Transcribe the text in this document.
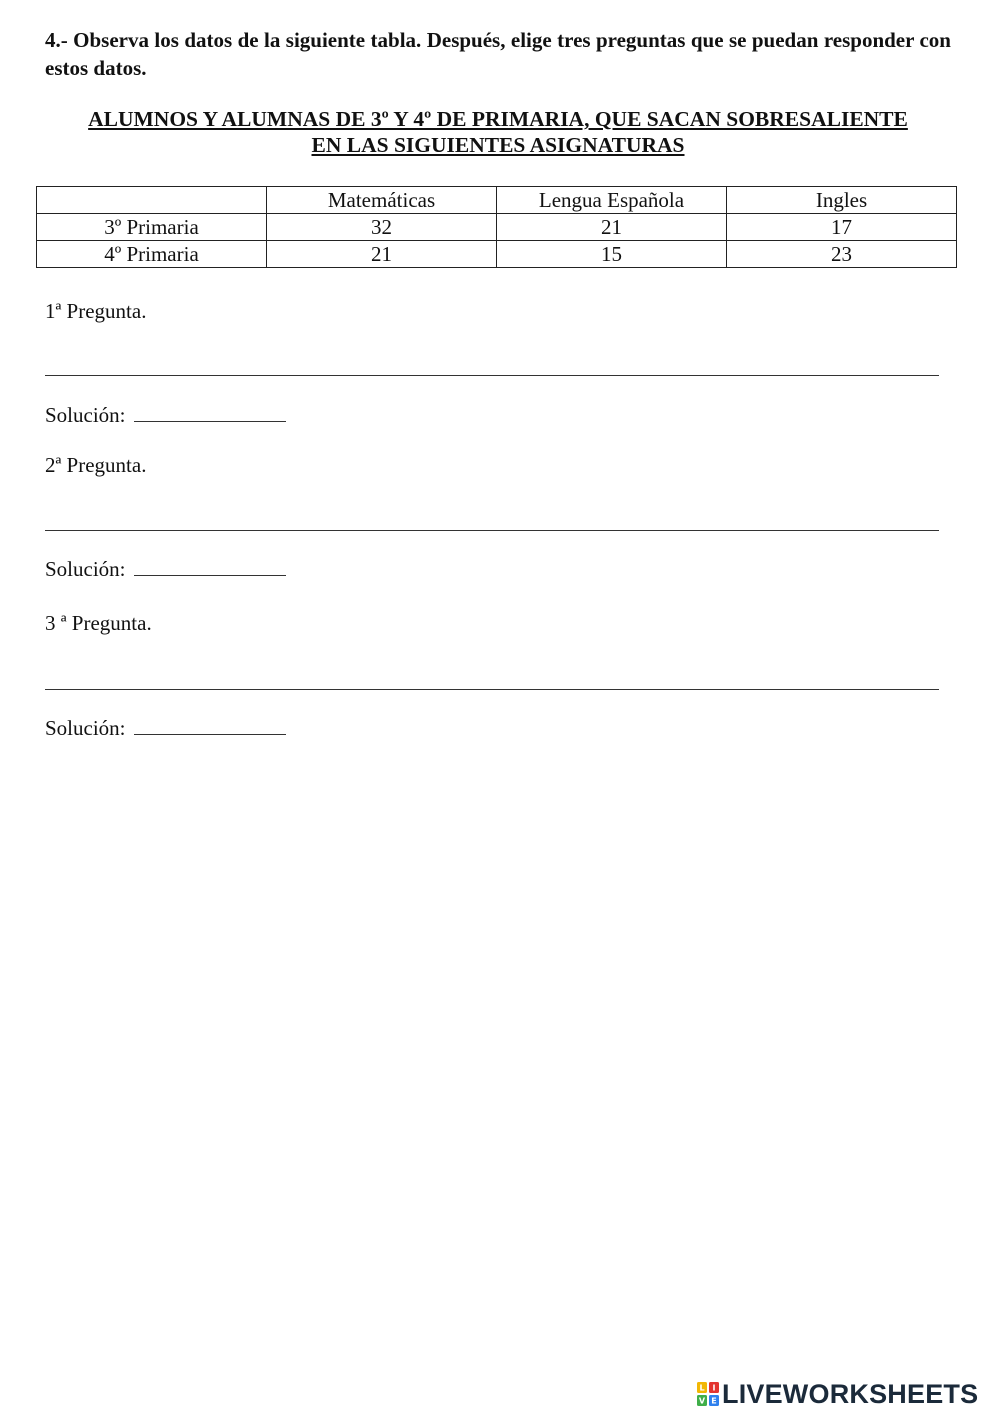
4.- Observa los datos de la siguiente tabla. Después, elige tres preguntas que se puedan responder con estos datos.
ALUMNOS Y ALUMNAS DE 3º Y 4º DE PRIMARIA, QUE SACAN SOBRESALIENTE
EN LAS SIGUIENTES ASIGNATURAS
	Matemáticas	Lengua Española	Ingles
3º Primaria	32	21	17
4º Primaria	21	15	23
1ª Pregunta.
Solución:
2ª Pregunta.
Solución:
3 ª Pregunta.
Solución:
L I
V E LIVEWORKSHEETS
